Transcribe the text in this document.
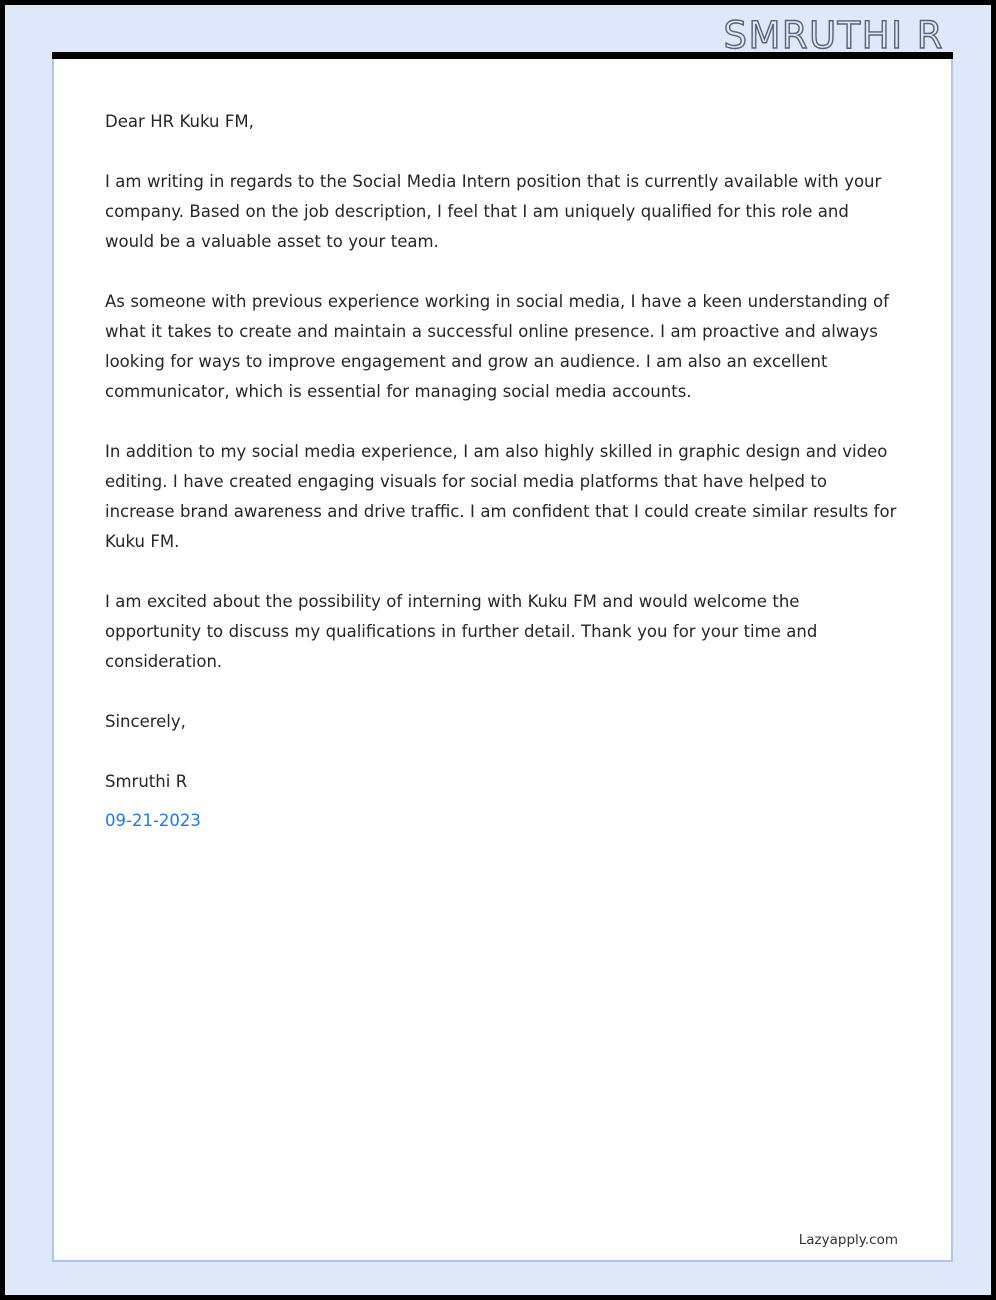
SMRUTHI R

Dear HR Kuku FM,

I am writing in regards to the Social Media Intern position that is currently available with your company. Based on the job description, I feel that I am uniquely qualified for this role and would be a valuable asset to your team.

As someone with previous experience working in social media, I have a keen understanding of what it takes to create and maintain a successful online presence. I am proactive and always looking for ways to improve engagement and grow an audience. I am also an excellent communicator, which is essential for managing social media accounts.

In addition to my social media experience, I am also highly skilled in graphic design and video editing. I have created engaging visuals for social media platforms that have helped to increase brand awareness and drive traffic. I am confident that I could create similar results for Kuku FM.

I am excited about the possibility of interning with Kuku FM and would welcome the opportunity to discuss my qualifications in further detail. Thank you for your time and consideration.

Sincerely,

Smruthi R

09-21-2023

Lazyapply.com
